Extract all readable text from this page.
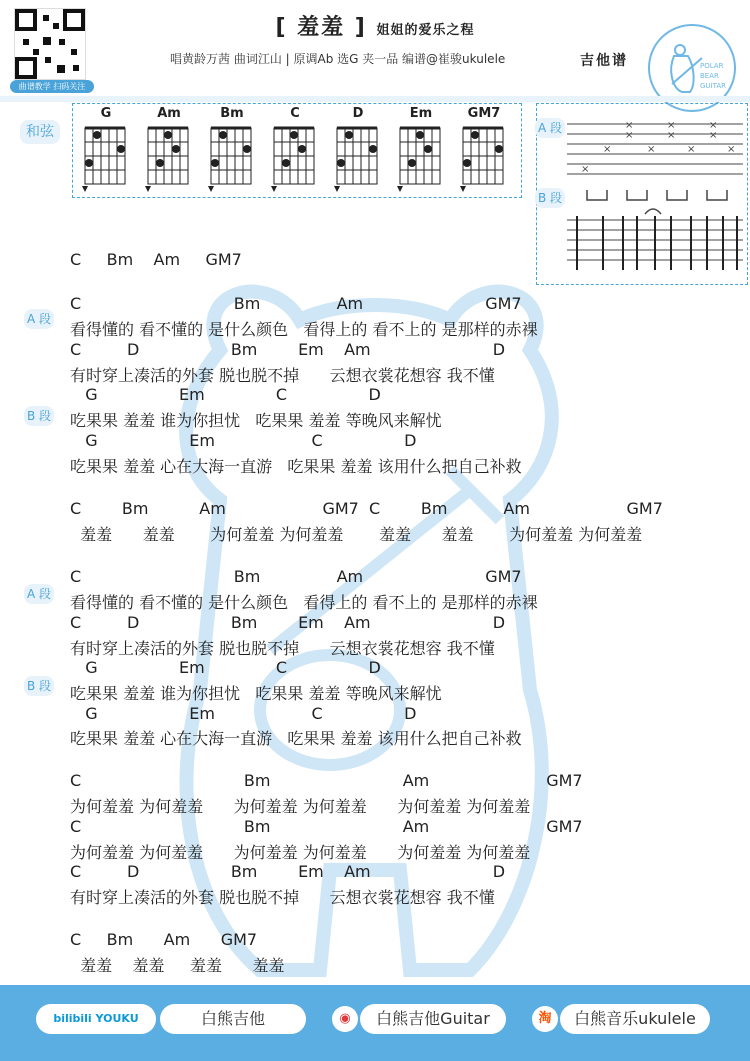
曲谱教学 扫码关注
[ 羞羞 ] 姐姐的爱乐之程
唱黄龄万茜 曲词江山 | 原调Ab 选G 夹一品 编谱@崔骏ukulele	吉他谱	POLAR
BEAR
GUITAR
和弦
G	Am	Bm	C	D	Em	GM7
A 段
B 段
×
×
×
×
×
×
×
×
×
×
×
C     Bm    Am     GM7
A 段
C                              Bm               Am                        GM7
看得懂的 看不懂的 是什么颜色   看得上的 看不上的 是那样的赤裸
C         D                  Bm        Em    Am                        D
有时穿上凑活的外套 脱也脱不掉      云想衣裳花想容 我不懂
B 段
G                Em              C                D
吃果果 羞羞 谁为你担忧   吃果果 羞羞 等晚风来解忧
G                  Em                   C                D
吃果果 羞羞 心在大海一直游   吃果果 羞羞 该用什么把自己补救
C        Bm          Am                   GM7  C        Bm           Am                   GM7
羞羞      羞羞       为何羞羞 为何羞羞       羞羞      羞羞       为何羞羞 为何羞羞
A 段
C                              Bm               Am                        GM7
看得懂的 看不懂的 是什么颜色   看得上的 看不上的 是那样的赤裸
C         D                  Bm        Em    Am                        D
有时穿上凑活的外套 脱也脱不掉      云想衣裳花想容 我不懂
B 段
G                Em              C                D
吃果果 羞羞 谁为你担忧   吃果果 羞羞 等晚风来解忧
G                  Em                   C                D
吃果果 羞羞 心在大海一直游   吃果果 羞羞 该用什么把自己补救
C                                Bm                          Am                       GM7
为何羞羞 为何羞羞      为何羞羞 为何羞羞      为何羞羞 为何羞羞
C                                Bm                          Am                       GM7
为何羞羞 为何羞羞      为何羞羞 为何羞羞      为何羞羞 为何羞羞
C         D                  Bm        Em    Am                        D
有时穿上凑活的外套 脱也脱不掉      云想衣裳花想容 我不懂
C     Bm      Am      GM7
羞羞    羞羞     羞羞      羞羞
bilibili YOUKU	白熊吉他	◉	白熊吉他Guitar	淘	白熊音乐ukulele
